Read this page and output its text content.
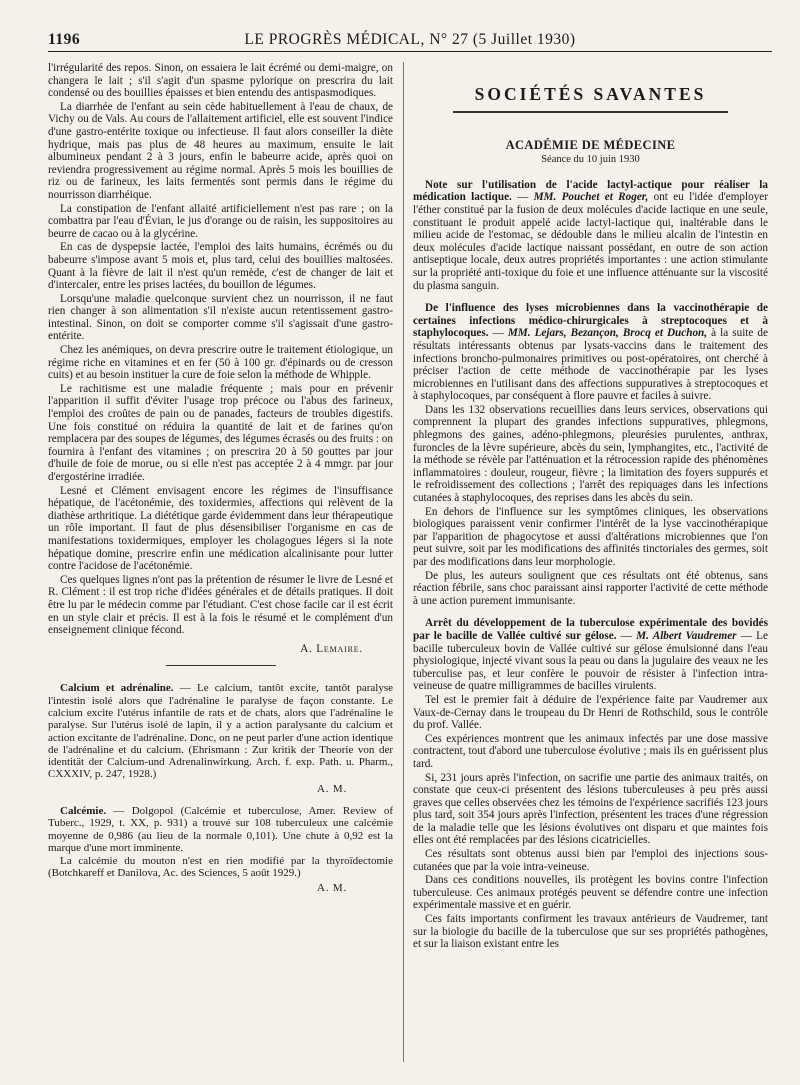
1196	LE PROGRÈS MÉDICAL, N° 27 (5 Juillet 1930)

l'irrégularité des repos. Sinon, on essaiera le lait écrémé ou demi-maigre, on changera le lait ; s'il s'agit d'un spasme pylorique on prescrira du lait condensé ou des bouillies épaisses et bien entendu des antispasmodiques.

La diarrhée de l'enfant au sein cède habituellement à l'eau de chaux, de Vichy ou de Vals. Au cours de l'allaitement artificiel, elle est souvent l'indice d'une gastro-entérite toxique ou infectieuse. Il faut alors conseiller la diète hydrique, mais pas plus de 48 heures au maximum, ensuite le lait albumineux pendant 2 à 3 jours, enfin le babeurre acide, après quoi on reviendra progressivement au régime normal. Après 5 mois les bouillies de riz ou de farineux, les laits fermentés sont permis dans le régime du nourrisson diarrhéique.

La constipation de l'enfant allaité artificiellement n'est pas rare ; on la combattra par l'eau d'Évian, le jus d'orange ou de raisin, les suppositoires au beurre de cacao ou à la glycérine.

En cas de dyspepsie lactée, l'emploi des laits humains, écrémés ou du babeurre s'impose avant 5 mois et, plus tard, celui des bouillies maltosées. Quant à la fièvre de lait il n'est qu'un remède, c'est de changer de lait et d'intercaler, entre les prises lactées, du bouillon de légumes.

Lorsqu'une maladie quelconque survient chez un nourrisson, il ne faut rien changer à son alimentation s'il n'existe aucun retentissement gastro-intestinal. Sinon, on doit se comporter comme s'il s'agissait d'une gastro-entérite.

Chez les anémiques, on devra prescrire outre le traitement étiologique, un régime riche en vitamines et en fer (50 à 100 gr. d'épinards ou de cresson cuits) et au besoin instituer la cure de foie selon la méthode de Whipple.

Le rachitisme est une maladie fréquente ; mais pour en prévenir l'apparition il suffit d'éviter l'usage trop précoce ou l'abus des farineux, l'emploi des croûtes de pain ou de panades, facteurs de troubles digestifs. Une fois constitué on réduira la quantité de lait et de farines qu'on remplacera par des soupes de légumes, des légumes écrasés ou des fruits : on fournira à l'enfant des vitamines ; on prescrira 20 à 50 gouttes par jour d'huile de foie de morue, ou si elle n'est pas acceptée 2 à 4 mmgr. par jour d'ergostérine irradiée.

Lesné et Clément envisagent encore les régimes de l'insuffisance hépatique, de l'acétonémie, des toxidermies, affections qui relèvent de la diathèse arthritique. La diététique garde évidemment dans leur thérapeutique un rôle important. Il faut de plus désensibiliser l'organisme en cas de manifestations toxidermiques, employer les cholagogues légers si la note hépatique domine, prescrire enfin une médication alcalinisante pour lutter contre l'acidose de l'acétonémie.

Ces quelques lignes n'ont pas la prétention de résumer le livre de Lesné et R. Clément : il est trop riche d'idées générales et de détails pratiques. Il doit être lu par le médecin comme par l'étudiant. C'est chose facile car il est écrit en un style clair et précis. Il est à la fois le résumé et le complément d'un enseignement clinique fécond.

A. Lemaire.

Calcium et adrénaline. — Le calcium, tantôt excite, tantôt paralyse l'intestin isolé alors que l'adrénaline le paralyse de façon constante. Le calcium excite l'utérus infantile de rats et de chats, alors que l'adrénaline le paralyse. Sur l'utérus isolé de lapin, il y a action paralysante du calcium et action excitante de l'adrénaline. Donc, on ne peut parler d'une action identique de l'adrénaline et du calcium. (Ehrismann : Zur kritik der Theorie von der identität der Calcium-und Adrenalinwirkung. Arch. f. exp. Path. u. Pharm., CXXXIV, p. 247, 1928.)

A. M.

Calcémie. — Dolgopol (Calcémie et tuberculose, Amer. Review of Tuberc., 1929, t. XX, p. 931) a trouvé sur 108 tuberculeux une calcémie moyenne de 0,986 (au lieu de la normale 0,101). Une chute à 0,92 est la marque d'une mort imminente.

La calcémie du mouton n'est en rien modifié par la thyroïdectomie (Botchkareff et Danilova, Ac. des Sciences, 5 août 1929.)

A. M.
SOCIÉTÉS SAVANTES
ACADÉMIE DE MÉDECINE
Séance du 10 juin 1930

Note sur l'utilisation de l'acide lactyl-actique pour réaliser la médication lactique. — MM. Pouchet et Roger, ont eu l'idée d'employer l'éther constitué par la fusion de deux molécules d'acide lactique en une seule, constituant le produit appelé acide lactyl-lactique qui, inaltérable dans le milieu acide de l'estomac, se dédouble dans le milieu alcalin de l'intestin en deux molécules d'acide lactique naissant possédant, en outre de son action antiseptique locale, deux autres propriétés importantes : une action stimulante sur la propriété anti-toxique du foie et une influence atténuante sur la viscosité du plasma sanguin.

De l'influence des lyses microbiennes dans la vaccinothérapie de certaines infections médico-chirurgicales à streptocoques et à staphylocoques. — MM. Lejars, Bezançon, Brocq et Duchon, à la suite de résultats intéressants obtenus par lysats-vaccins dans le traitement des infections broncho-pulmonaires primitives ou post-opératoires, ont cherché à préciser l'action de cette méthode de vaccinothérapie par les lyses microbiennes en l'utilisant dans des affections suppuratives à streptocoques et à staphylocoques, par conséquent à flore pauvre et faciles à suivre.

Dans les 132 observations recueillies dans leurs services, observations qui comprennent la plupart des grandes infections suppuratives, phlegmons, phlegmons des gaines, adéno-phlegmons, pleurésies purulentes, anthrax, furoncles de la lèvre supérieure, abcès du sein, lymphangites, etc., l'activité de la méthode se révèle par l'atténuation et la rétrocession rapide des phénomènes inflammatoires : douleur, rougeur, fièvre ; la limitation des foyers suppurés et le refroidissement des collections ; l'arrêt des repiquages dans les infections cutanées à staphylocoques, des reprises dans les abcès du sein.

En dehors de l'influence sur les symptômes cliniques, les observations biologiques paraissent venir confirmer l'intérêt de la lyse vaccinothérapique par l'apparition de phagocytose et aussi d'altérations microbiennes que l'on peut suivre, soit par les modifications des affinités tinctoriales des germes, soit par des modifications dans leur morphologie.

De plus, les auteurs soulignent que ces résultats ont été obtenus, sans réaction fébrile, sans choc paraissant ainsi rapporter l'activité de cette méthode à une action purement immunisante.

Arrêt du développement de la tuberculose expérimentale des bovidés par le bacille de Vallée cultivé sur gélose. — M. Albert Vaudremer — Le bacille tuberculeux bovin de Vallée cultivé sur gélose émulsionné dans l'eau physiologique, injecté vivant sous la peau ou dans la jugulaire des veaux ne les tuberculise pas, et leur confère le pouvoir de résister à l'infection intra-veineuse de quatre milligrammes de bacilles virulents.

Tel est le premier fait à déduire de l'expérience faite par Vaudremer aux Vaux-de-Cernay dans le troupeau du Dr Henri de Rothschild, sous le contrôle du prof. Vallée.

Ces expériences montrent que les animaux infectés par une dose massive contractent, tout d'abord une tuberculose évolutive ; mais ils en guérissent plus tard.

Si, 231 jours après l'infection, on sacrifie une partie des animaux traités, on constate que ceux-ci présentent des lésions tuberculeuses à peu près aussi graves que celles observées chez les témoins de l'expérience sacrifiés 123 jours plus tard, soit 354 jours après l'infection, présentent les traces d'une régression de la maladie telle que les lésions évolutives ont disparu et que maintes fois elles ont été remplacées par des lésions cicatricielles.

Ces résultats sont obtenus aussi bien par l'emploi des injections sous-cutanées que par la voie intra-veineuse.

Dans ces conditions nouvelles, ils protègent les bovins contre l'infection tuberculeuse. Ces animaux protégés peuvent se défendre contre une infection expérimentale massive et en guérir.

Ces faits importants confirment les travaux antérieurs de Vaudremer, tant sur la biologie du bacille de la tuberculose que sur ses propriétés pathogènes, et sur la liaison existant entre les
